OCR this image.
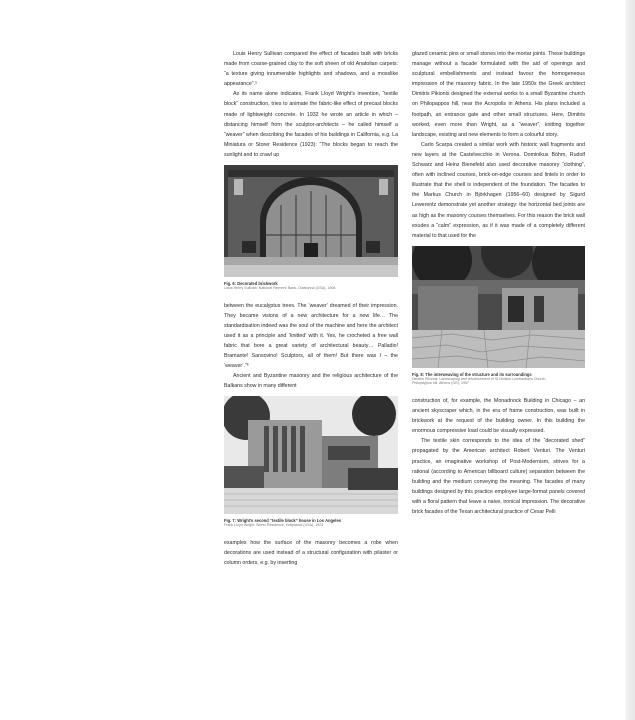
Louis Henry Sullivan compared the effect of facades built with bricks made from coarse-grained clay to the soft sheen of old Anatolian carpets: “a texture giving innumerable highlights and shadows, and a mosslike appearance”.⁵

As its name alone indicates, Frank Lloyd Wright’s invention, “textile block” construction, tries to animate the fabric-like effect of precast blocks made of lightweight concrete. In 1932 he wrote an article in which – distancing himself from the sculptor-architects – he called himself a “weaver” when describing the facades of his buildings in California, e.g. La Miniatura or Storer Residence (1923): “The blocks began to reach the sunlight and to crawl up

Fig. 6: Decorated brickwork
Louis Henry Sullivan: National Farmers’ Bank, Owatonna (USA), 1908

between the eucalyptus trees. The ‘weaver’ dreamed of their impression. They became visions of a new architecture for a new life… The standardisation indeed was the soul of the machine and here the architect used it as a principle and ‘knitted’ with it. Yes, he crocheted a free wall fabric that bore a great variety of architectural beauty… Palladio! Bramante! Sansovino! Sculptors, all of them! But there was I – the ‘weaver’.”⁶

Ancient and Byzantine masonry and the religious architecture of the Balkans show in many different

Fig. 7: Wright’s second “textile block” house in Los Angeles
Frank Lloyd Wright: Storer Residence, Hollywood (USA), 1923

examples how the surface of the masonry becomes a robe when decorations are used instead of a structural configuration with pilaster or column orders, e.g. by inserting

glazed ceramic pins or small stones into the mortar joints. These buildings manage without a facade formulated with the aid of openings and sculptural embellishments and instead favour the homogeneous impression of the masonry fabric. In the late 1950s the Greek architect Dimitris Pikionis designed the external works to a small Byzantine church on Philopappos hill, near the Acropolis in Athens. His plans included a footpath, an entrance gate and other small structures. Here, Dimitris worked, even more than Wright, as a “weaver”, knitting together landscape, existing and new elements to form a colourful story.

Carlo Scarpa created a similar work with historic wall fragments and new layers at the Castelvecchio in Verona. Dominikus Böhm, Rudolf Schwarz and Heinz Bienefeld also used decorative masonry “clothing”, often with inclined courses, brick-on-edge courses and lintels in order to illustrate that the shell is independent of the foundation. The facades to the Markus Church in Björkhagen (1956–60) designed by Sigurd Lewerentz demonstrate yet another strategy: the horizontal bed joints are as high as the masonry courses themselves. For this reason the brick wall exudes a “calm” expression, as if it was made of a completely different material to that used for the

Fig. 8: The interweaving of the structure and its surroundings
Dimitris Pikionis: Landscaping and refurbishment of St Dimitris Lumbardiaris Church,
Philopappos hill, Athens (GR), 1957

construction of, for example, the Monadnock Building in Chicago – an ancient skyscraper which, in the era of frame construction, was built in brickwork at the request of the building owner. In this building the enormous compressive load could be visually expressed.

The textile skin corresponds to the idea of the “decorated shed” propagated by the American architect Robert Venturi. The Venturi practice, an imaginative workshop of Post-Modernism, strives for a rational (according to American billboard culture) separation between the building and the medium conveying the meaning. The facades of many buildings designed by this practice employee large-format panels covered with a floral pattern that leave a naive, ironical impression. The decorative brick facades of the Texan architectural practice of Cesar Pelli
